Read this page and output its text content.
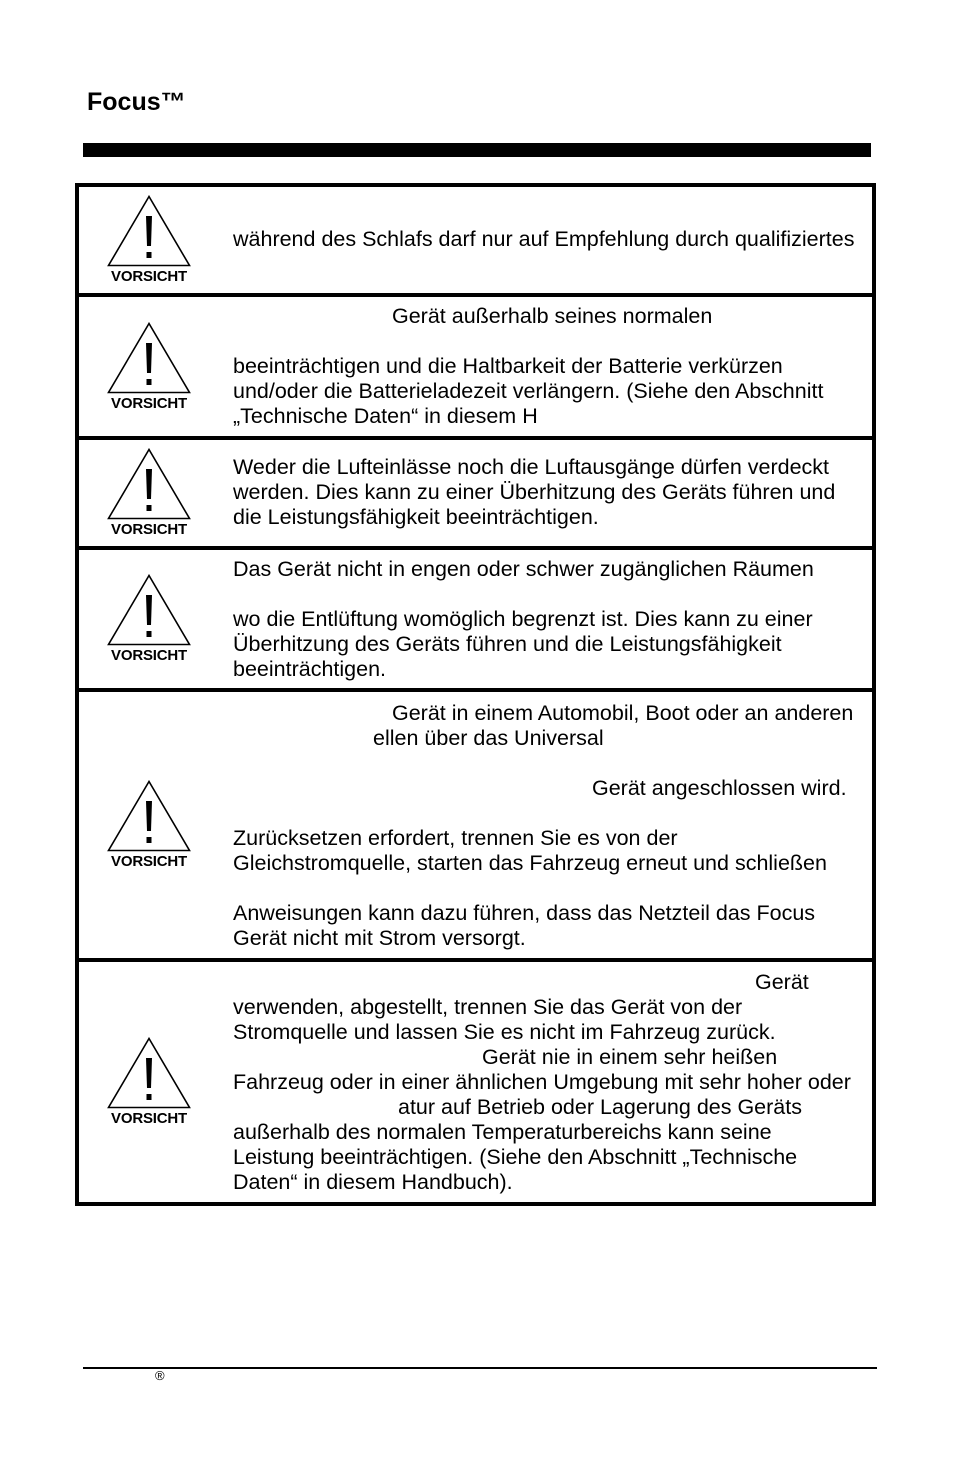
Focus™
VORSICHT
während des Schlafs darf nur auf Empfehlung durch qualifiziertes
VORSICHT
Gerät außerhalb seines normalen
beeinträchtigen und die Haltbarkeit der Batterie verkürzen
und/oder die Batterieladezeit verlängern. (Siehe den Abschnitt
„Technische Daten“ in diesem H
VORSICHT
Weder die Lufteinlässe noch die Luftausgänge dürfen verdeckt
werden. Dies kann zu einer Überhitzung des Geräts führen und
die Leistungsfähigkeit beeinträchtigen.
VORSICHT
Das Gerät nicht in engen oder schwer zugänglichen Räumen
wo die Entlüftung womöglich begrenzt ist. Dies kann zu einer
Überhitzung des Geräts führen und die Leistungsfähigkeit
beeinträchtigen.
VORSICHT
Gerät in einem Automobil, Boot oder an anderen
ellen über das Universal
Gerät angeschlossen wird.
Zurücksetzen erfordert, trennen Sie es von der
Gleichstromquelle, starten das Fahrzeug erneut und schließen
Anweisungen kann dazu führen, dass das Netzteil das Focus
Gerät nicht mit Strom versorgt.
VORSICHT
Gerät
verwenden, abgestellt, trennen Sie das Gerät von der
Stromquelle und lassen Sie es nicht im Fahrzeug zurück.
Gerät nie in einem sehr heißen
Fahrzeug oder in einer ähnlichen Umgebung mit sehr hoher oder
atur auf Betrieb oder Lagerung des Geräts
außerhalb des normalen Temperaturbereichs kann seine
Leistung beeinträchtigen. (Siehe den Abschnitt „Technische
Daten“ in diesem Handbuch).
®
